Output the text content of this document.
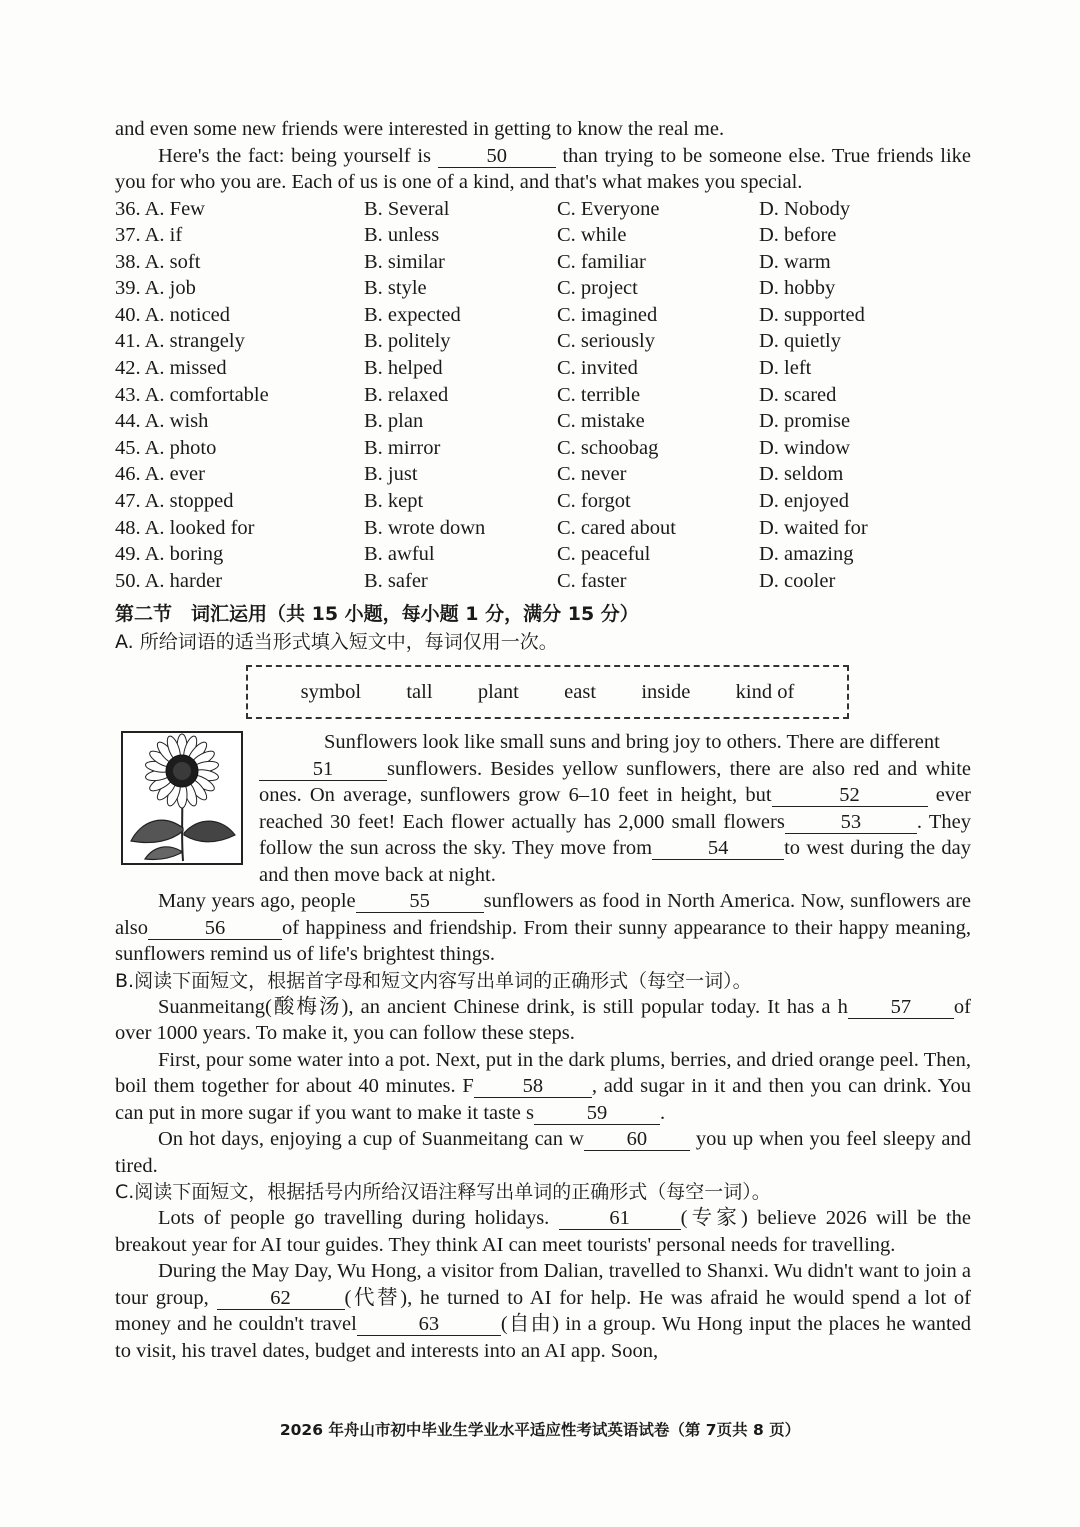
and even some new friends were interested in getting to know the real me.

Here's the fact: being yourself is	50	than trying to be someone else. True friends like you for who you are. Each of us is one of a kind, and that's what makes you special.

36. A. Few	B. Several	C. Everyone	D. Nobody
37. A. if	B. unless	C. while	D. before
38. A. soft	B. similar	C. familiar	D. warm
39. A. job	B. style	C. project	D. hobby
40. A. noticed	B. expected	C. imagined	D. supported
41. A. strangely	B. politely	C. seriously	D. quietly
42. A. missed	B. helped	C. invited	D. left
43. A. comfortable	B. relaxed	C. terrible	D. scared
44. A. wish	B. plan	C. mistake	D. promise
45. A. photo	B. mirror	C. schoobag	D. window
46. A. ever	B. just	C. never	D. seldom
47. A. stopped	B. kept	C. forgot	D. enjoyed
48. A. looked for	B. wrote down	C. cared about	D. waited for
49. A. boring	B. awful	C. peaceful	D. amazing
50. A. harder	B. safer	C. faster	D. cooler
第二节　词汇运用（共 15 小题，每小题 1 分，满分 15 分）
A. 所给词语的适当形式填入短文中，每词仅用一次。
symbol tall plant east inside kind of

Sunflowers look like small suns and bring joy to others. There are different

51	sunflowers. Besides yellow sunflowers, there are also red and white ones. On average, sunflowers grow 6–10 feet in height, but	52	ever reached 30 feet! Each flower actually has 2,000 small flowers	53	. They follow the sun across the sky. They move from	54	to west during the day and then move back at night.

Many years ago, people	55	sunflowers as food in North America. Now, sunflowers are also	56	of happiness and friendship. From their sunny appearance to their happy meaning, sunflowers remind us of life's brightest things.

B.阅读下面短文，根据首字母和短文内容写出单词的正确形式（每空一词）。

Suanmeitang(酸梅汤), an ancient Chinese drink, is still popular today. It has a h 57 of over 1000 years. To make it, you can follow these steps.

First, pour some water into a pot. Next, put in the dark plums, berries, and dried orange peel. Then, boil them together for about 40 minutes. F 58 , add sugar in it and then you can drink. You can put in more sugar if you want to make it taste s	59	.

On hot days, enjoying a cup of Suanmeitang can w 60 you up when you feel sleepy and tired.

C.阅读下面短文，根据括号内所给汉语注释写出单词的正确形式（每空一词）。

Lots of people go travelling during holidays.	61 (专家) believe 2026 will be the breakout year for AI tour guides. They think AI can meet tourists' personal needs for travelling.

During the May Day, Wu Hong, a visitor from Dalian, travelled to Shanxi. Wu didn't want to join a tour group,	62	(代替), he turned to AI for help. He was afraid he would spend a lot of money and he couldn't travel	63	(自由) in a group. Wu Hong input the places he wanted to visit, his travel dates, budget and interests into an AI app. Soon,

2026 年舟山市初中毕业生学业水平适应性考试英语试卷（第 7页共 8 页）
